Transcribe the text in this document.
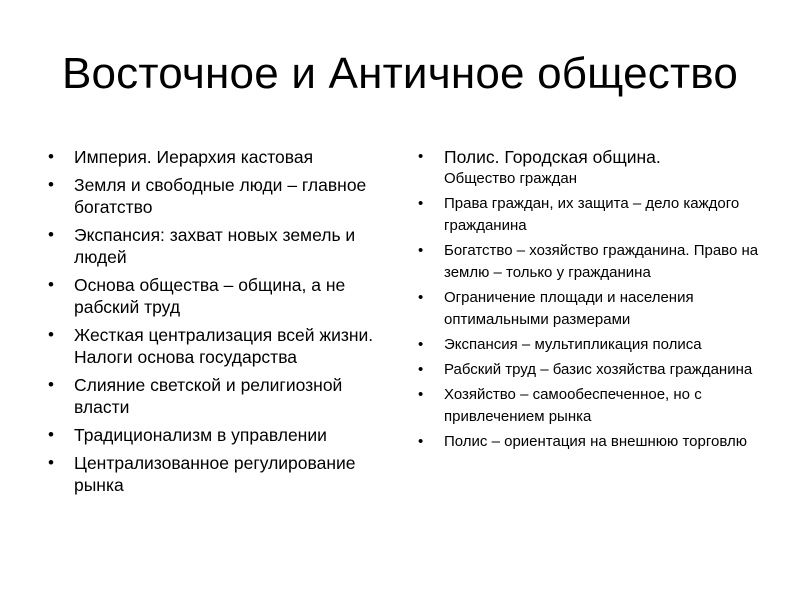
Восточное и Античное общество
• Империя. Иерархия кастовая
• Земля и свободные люди – главное богатство
• Экспансия: захват новых земель и людей
• Основа общества – община, а не рабский труд
• Жесткая централизация всей жизни. Налоги основа государства
• Слияние светской и религиозной власти
• Традиционализм в управлении
• Централизованное регулирование рынка
• Полис. Городская община.
Общество граждан
• Права граждан, их защита – дело каждого гражданина
• Богатство – хозяйство гражданина. Право на землю – только у гражданина
• Ограничение площади и населения оптимальными размерами
• Экспансия – мультипликация полиса
• Рабский труд – базис хозяйства гражданина
• Хозяйство – самообеспеченное, но с привлечением рынка
• Полис – ориентация на внешнюю торговлю
